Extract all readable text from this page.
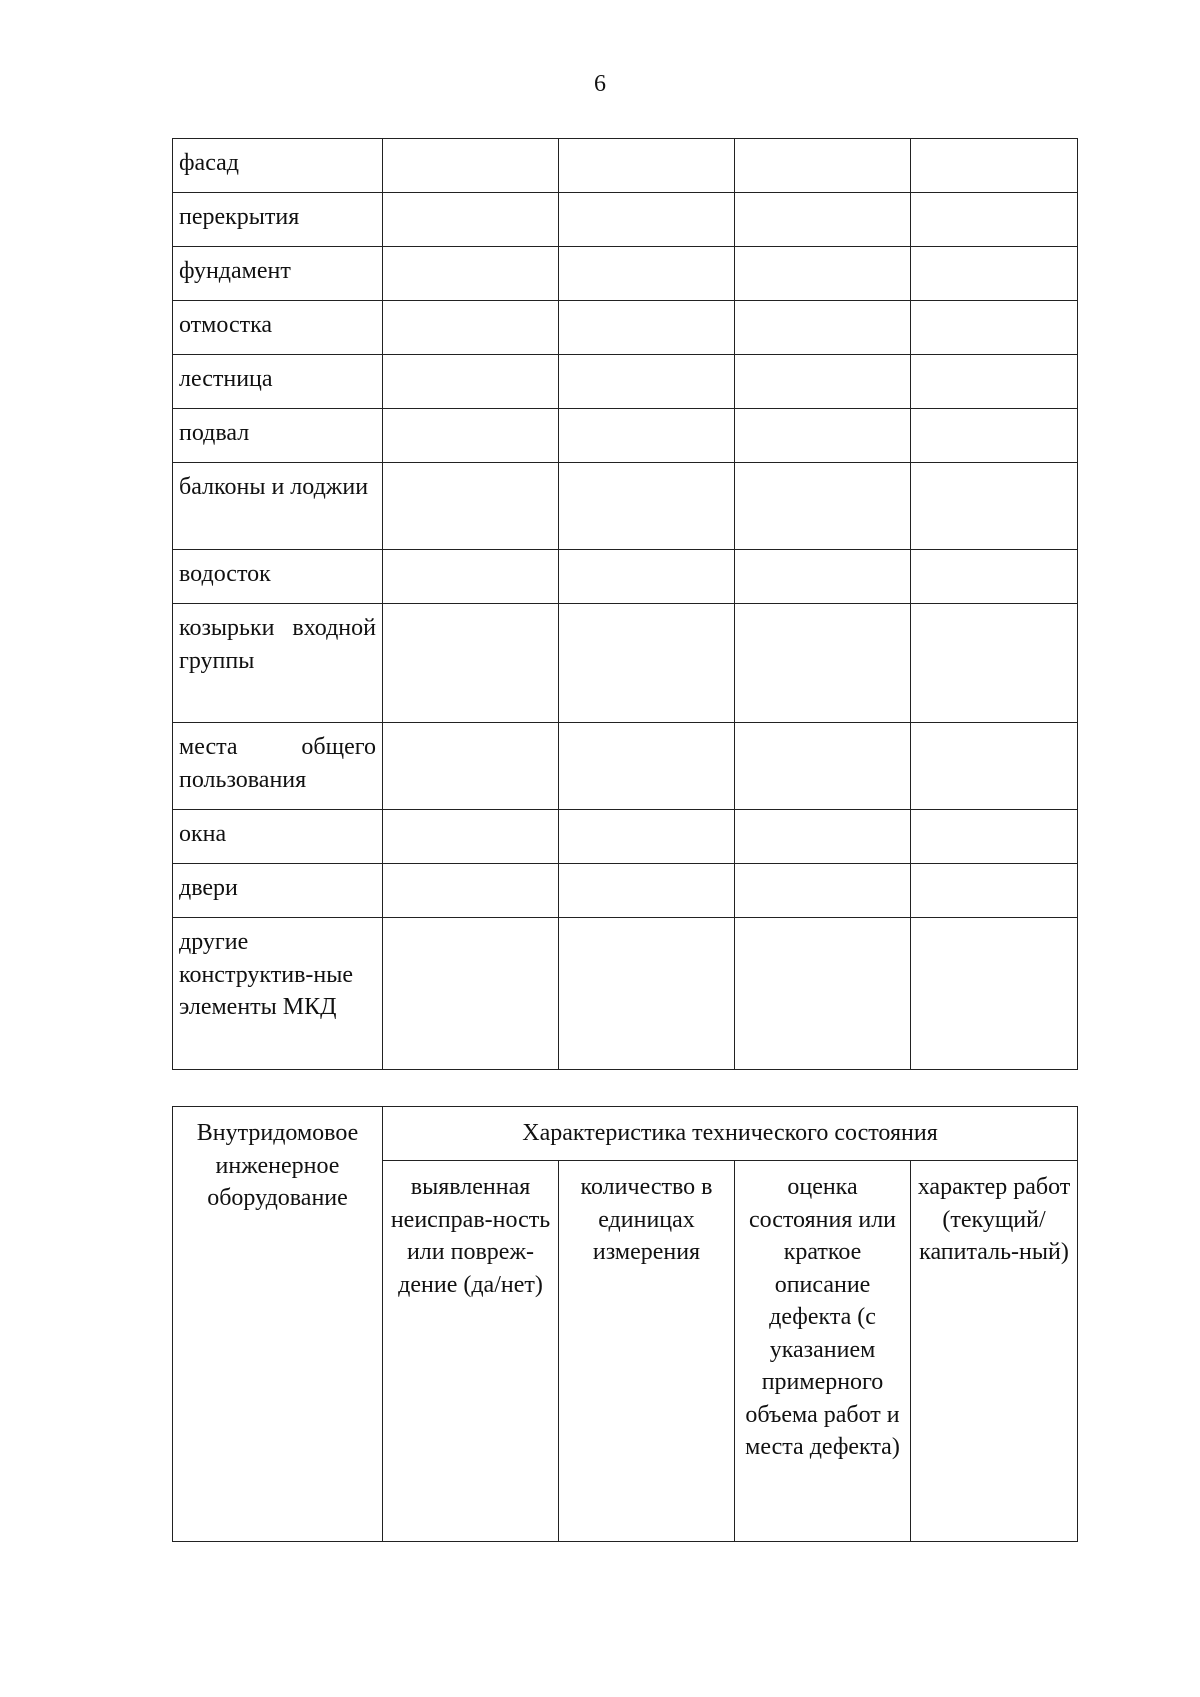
6
фасад				
перекрытия				
фундамент				
отмостка				
лестница				
подвал				
балконы и лоджии				
водосток				
козырьки входной группы				
места общего пользования				
окна				
двери				
другие конструктив-ные элементы МКД				
Внутридомовое инженерное оборудование	Характеристика технического состояния			
	выявленная неисправ-ность или повреж-дение (да/нет)	количество в единицах измерения	оценка состояния или краткое описание дефекта (с указанием примерного объема работ и места дефекта)	характер работ (текущий/ капиталь-ный)
